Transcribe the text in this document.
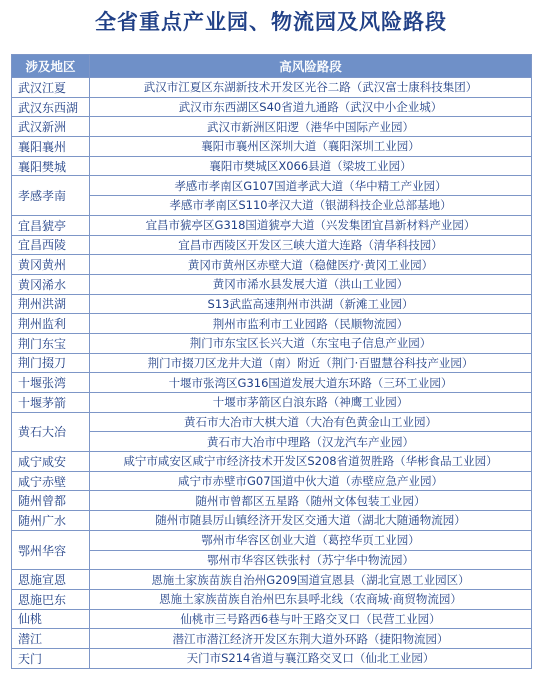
全省重点产业园、物流园及风险路段
涉及地区	高风险路段
武汉江夏	武汉市江夏区东湖新技术开发区光谷二路（武汉富士康科技集团）
武汉东西湖	武汉市东西湖区S40省道九通路（武汉中小企业城）
武汉新洲	武汉市新洲区阳逻（港华中国际产业园）
襄阳襄州	襄阳市襄州区深圳大道（襄阳深圳工业园）
襄阳樊城	襄阳市樊城区X066县道（梁坡工业园）
孝感孝南	孝感市孝南区G107国道孝武大道（华中精工产业园）
	孝感市孝南区S110孝汉大道（银湖科技企业总部基地）
宜昌猇亭	宜昌市猇亭区G318国道猇亭大道（兴发集团宜昌新材料产业园）
宜昌西陵	宜昌市西陵区开发区三峡大道大连路（清华科技园）
黄冈黄州	黄冈市黄州区赤壁大道（稳健医疗·黄冈工业园）
黄冈浠水	黄冈市浠水县发展大道（洪山工业园）
荆州洪湖	S13武监高速荆州市洪湖（新滩工业园）
荆州监利	荆州市监利市工业园路（民顺物流园）
荆门东宝	荆门市东宝区长兴大道（东宝电子信息产业园）
荆门掇刀	荆门市掇刀区龙井大道（南）附近（荆门·百盟慧谷科技产业园）
十堰张湾	十堰市张湾区G316国道发展大道东环路（三环工业园）
十堰茅箭	十堰市茅箭区白浪东路（神鹰工业园）
黄石大冶	黄石市大冶市大棋大道（大冶有色黄金山工业园）
	黄石市大冶市中理路（汉龙汽车产业园）
咸宁咸安	咸宁市咸安区咸宁市经济技术开发区S208省道贺胜路（华彬食品工业园）
咸宁赤壁	咸宁市赤壁市G07国道中伙大道（赤壁应急产业园）
随州曾都	随州市曾都区五星路（随州文体包装工业园）
随州广水	随州市随县厉山镇经济开发区交通大道（湖北大随通物流园）
鄂州华容	鄂州市华容区创业大道（葛控华页工业园）
	鄂州市华容区铁张村（苏宁华中物流园）
恩施宣恩	恩施土家族苗族自治州G209国道宣恩县（湖北宣恩工业园区）
恩施巴东	恩施土家族苗族自治州巴东县呼北线（农商城·商贸物流园）
仙桃	仙桃市三号路西6巷与叶王路交叉口（民营工业园）
潜江	潜江市潜江经济开发区东荆大道外环路（捷阳物流园）
天门	天门市S214省道与襄江路交叉口（仙北工业园）
